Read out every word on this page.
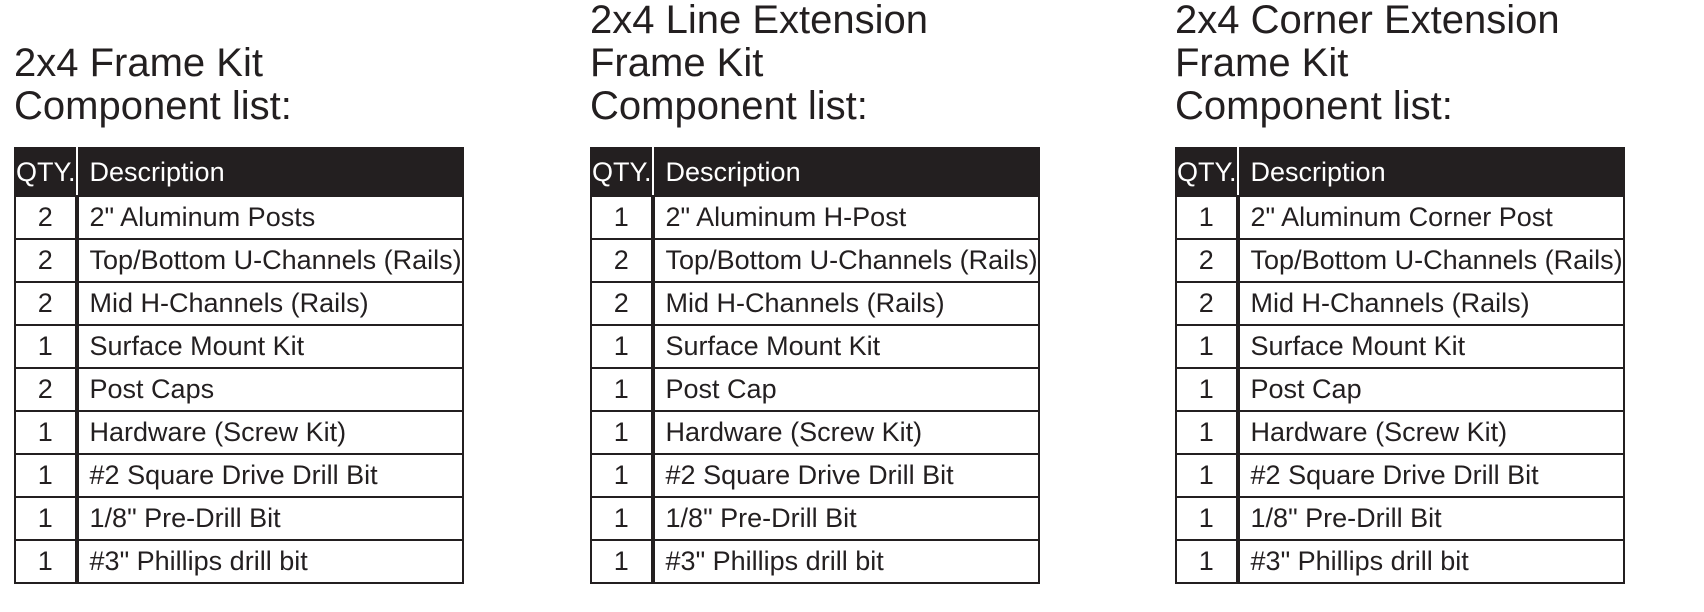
2x4 Frame Kit
Component list:
QTY.	Description
2	2" Aluminum Posts
2	Top/Bottom U-Channels (Rails)
2	Mid H-Channels (Rails)
1	Surface Mount Kit
2	Post Caps
1	Hardware (Screw Kit)
1	#2 Square Drive Drill Bit
1	1/8" Pre-Drill Bit
1	#3" Phillips drill bit
2x4 Line Extension
Frame Kit
Component list:
QTY.	Description
1	2" Aluminum H-Post
2	Top/Bottom U-Channels (Rails)
2	Mid H-Channels (Rails)
1	Surface Mount Kit
1	Post Cap
1	Hardware (Screw Kit)
1	#2 Square Drive Drill Bit
1	1/8" Pre-Drill Bit
1	#3" Phillips drill bit
2x4 Corner Extension
Frame Kit
Component list:
QTY.	Description
1	2" Aluminum Corner Post
2	Top/Bottom U-Channels (Rails)
2	Mid H-Channels (Rails)
1	Surface Mount Kit
1	Post Cap
1	Hardware (Screw Kit)
1	#2 Square Drive Drill Bit
1	1/8" Pre-Drill Bit
1	#3" Phillips drill bit
